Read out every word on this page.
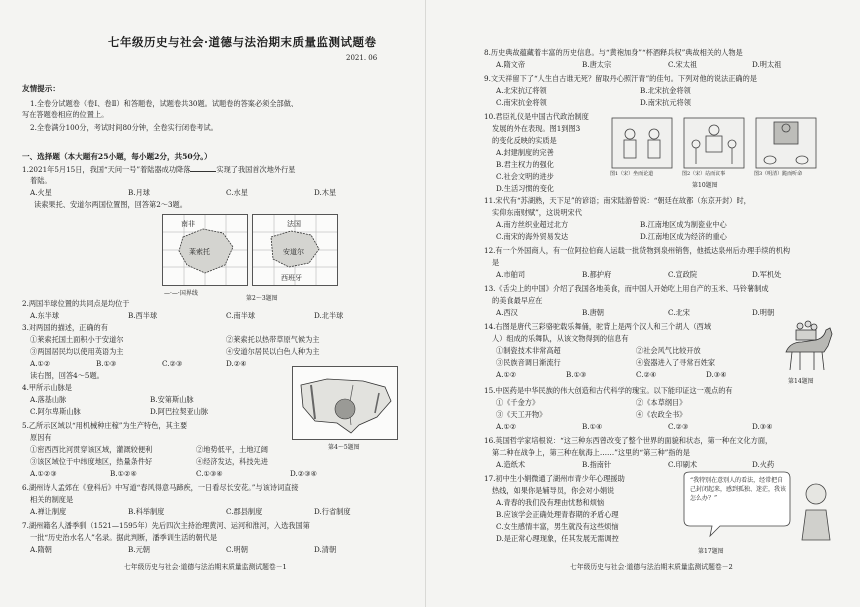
七年级历史与社会·道德与法治期末质量监测试题卷
2021. 06
友情提示：
1.全卷分试题卷（卷Ⅰ、卷Ⅱ）和答题卷，试题卷共30题。试题卷的答案必须全部做、
写在答题卷相应的位置上。
2.全卷满分100分，考试时间80分钟，全卷实行闭卷考试。
一、选择题（本大题有25小题，每小题2分，共50分。）
1.2021年5月15日，我国“天问一号”着陆器成功降落	实现了我国首次地外行星
着陆。
A.火星	B.月球	C.水星	D.木星
读索果托、安道尔两国位置图，回答第2～3题。
南非
莱索托
法国
安道尔
西班牙
—·—·国界线
第2～3题图
2.两国半球位置的共同点是均位于
A.东半球	B.西半球	C.南半球	D.北半球
3.对两国的描述，正确的有
①莱索托国土面积小于安道尔	②莱索托以热带草原气候为主
③两国居民均以使用英语为主	④安道尔居民以白色人种为主
A.①②	B.①③	C.②③	D.②④
读右图，回答4～5题。
第4～5题图
4.甲所示山脉是
A.落基山脉	B.安第斯山脉
C.阿尔卑斯山脉	D.阿巴拉契亚山脉
5.乙所示区域以“用机械种庄稼”为生产特色，其主要
原因有
①密西西比河贯穿该区域，灌溉较便利	②地势低平，土地辽阔
③该区域位于中纬度地区，热量条件好	④经济发达，科技先进
A.①②③	B.①②④	C.①③④	D.②③④
6.湖州诗人孟郊在《登科后》中写道“春风得意马蹄疾，一日看尽长安花。”与该诗词直接
相关的制度是
A.禅让制度	B.科举制度	C.郡县制度	D.行省制度
7.湖州籍名人潘季驯（1521—1595年）先后四次主持治理黄河、运河和淮河，入选我国第
一批“历史治水名人”名录。据此判断，潘季训生活的朝代是
A.隋朝	B.元朝	C.明朝	D.清朝
七年级历史与社会·道德与法治期末质量监测试题卷－1
8.历史典故蕴藏着丰富的历史信息。与“黄袍加身”“杯酒释兵权”典故相关的人物是
A.隋文帝	B.唐太宗	C.宋太祖	D.明太祖
9.文天祥留下了“人生自古谁无死？留取丹心照汗青”的佳句。下列对他的说法正确的是
A.北宋抗辽将领	B.北宋抗金将领
C.南宋抗金将领	D.南宋抗元将领
10.君臣礼仪是中国古代政治制度
发展的外在表现。图1到图3
的变化反映的实质是
A.封建制度的完善
B.君主权力的强化
C.社会文明的进步
D.生活习惯的变化
图1（宋）坐而论道	图2（宋）站而议事	图3（明清）跪而听命
第10题图
11.宋代有“苏湖熟，天下足”的谚语；南宋陆游曾说：“朝廷在故都（东京开封）时，
实仰东南财赋”，这说明宋代
A.南方丝织业超过北方	B.江南地区成为制瓷业中心
C.南宋的海外贸易发达	D.江南地区成为经济的重心
12.有一个外国商人，有一位阿拉伯商人运载一批货物到泉州销售，他抵达泉州后办理手续的机构
是
A.市舶司	B.都护府	C.宣政院	D.军机处
13.《舌尖上的中国》介绍了我国各地美食，而中国人开始吃上用自产的玉米、马铃薯制成
的美食最早应在
A.西汉	B.唐朝	C.北宋	D.明朝
14.右图是唐代三彩骆驼载乐舞俑，驼背上是两个汉人和三个胡人（西域
人）组成的乐舞队，从该文物得到的信息有
①制瓷技术非常高超	②社会风气比较开放
③民族音调日渐流行	④瓷器进入了寻常百姓家
A.①②	B.①③	C.②④	D.③④
第14题图
15.中医药是中华民族的伟大创造和古代科学的瑰宝。以下能印证这一观点的有
①《千金方》	②《本草纲目》
③《天工开物》	④《农政全书》
A.①②	B.①④	C.②③	D.③④
16.英国哲学家培根说：“这三种东西曾改变了整个世界的面貌和状态，第一种在文化方面，
第二种在战争上，第三种在航海上……”这里的“第三种”指的是
A.造纸术	B.指南针	C.印刷术	D.火药
17.初中生小娟微通了湖州市青少年心理援助
热线，如果你是辅导员，你会对小娟说
A.青春的我们没有理由忧愁和烦恼
B.应该学会正确处理青春期的矛盾心理
C.女生感情丰富，男生就没有这些烦恼
D.是正常心理现象，任其发展无需调控
“我特别在意别人的看法，经常把自己封闭起来，感到孤独、迷茫，我该怎么办？”
第17题图
七年级历史与社会·道德与法治期末质量监测试题卷－2
